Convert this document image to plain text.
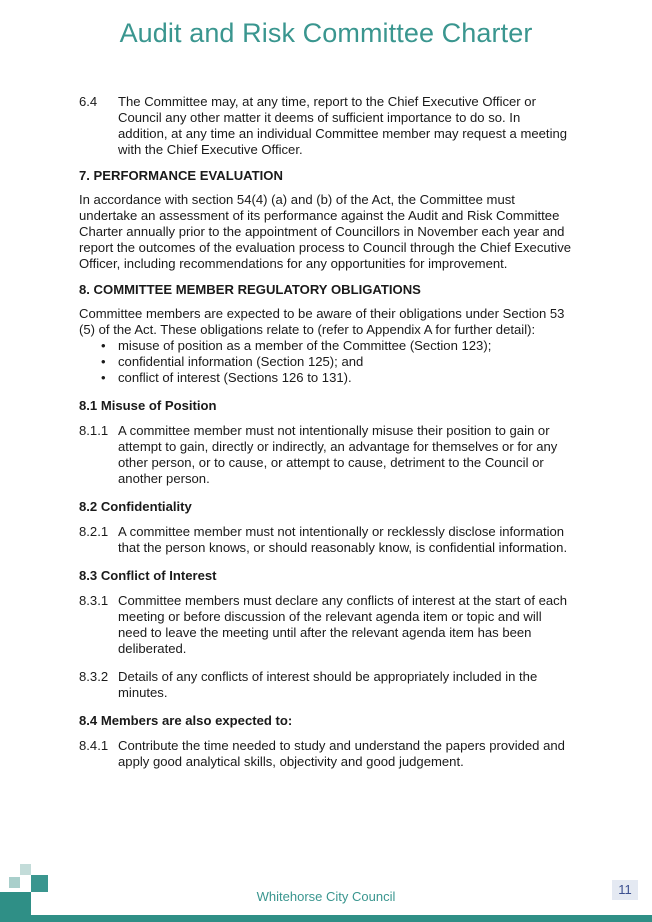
Audit and Risk Committee Charter
6.4	The Committee may, at any time, report to the Chief Executive Officer or
Council any other matter it deems of sufficient importance to do so. In
addition, at any time an individual Committee member may request a meeting
with the Chief Executive Officer.
7. PERFORMANCE EVALUATION
In accordance with section 54(4) (a) and (b) of the Act, the Committee must
undertake an assessment of its performance against the Audit and Risk Committee
Charter annually prior to the appointment of Councillors in November each year and
report the outcomes of the evaluation process to Council through the Chief Executive
Officer, including recommendations for any opportunities for improvement.
8. COMMITTEE MEMBER REGULATORY OBLIGATIONS
Committee members are expected to be aware of their obligations under Section 53
(5) of the Act. These obligations relate to (refer to Appendix A for further detail):
• misuse of position as a member of the Committee (Section 123);
• confidential information (Section 125); and
• conflict of interest (Sections 126 to 131).
8.1 Misuse of Position
8.1.1 A committee member must not intentionally misuse their position to gain or
attempt to gain, directly or indirectly, an advantage for themselves or for any
other person, or to cause, or attempt to cause, detriment to the Council or
another person.
8.2 Confidentiality
8.2.1 A committee member must not intentionally or recklessly disclose information
that the person knows, or should reasonably know, is confidential information.
8.3 Conflict of Interest
8.3.1 Committee members must declare any conflicts of interest at the start of each
meeting or before discussion of the relevant agenda item or topic and will
need to leave the meeting until after the relevant agenda item has been
deliberated.
8.3.2 Details of any conflicts of interest should be appropriately included in the
minutes.
8.4 Members are also expected to:
8.4.1 Contribute the time needed to study and understand the papers provided and
apply good analytical skills, objectivity and good judgement.
Whitehorse City Council	11
